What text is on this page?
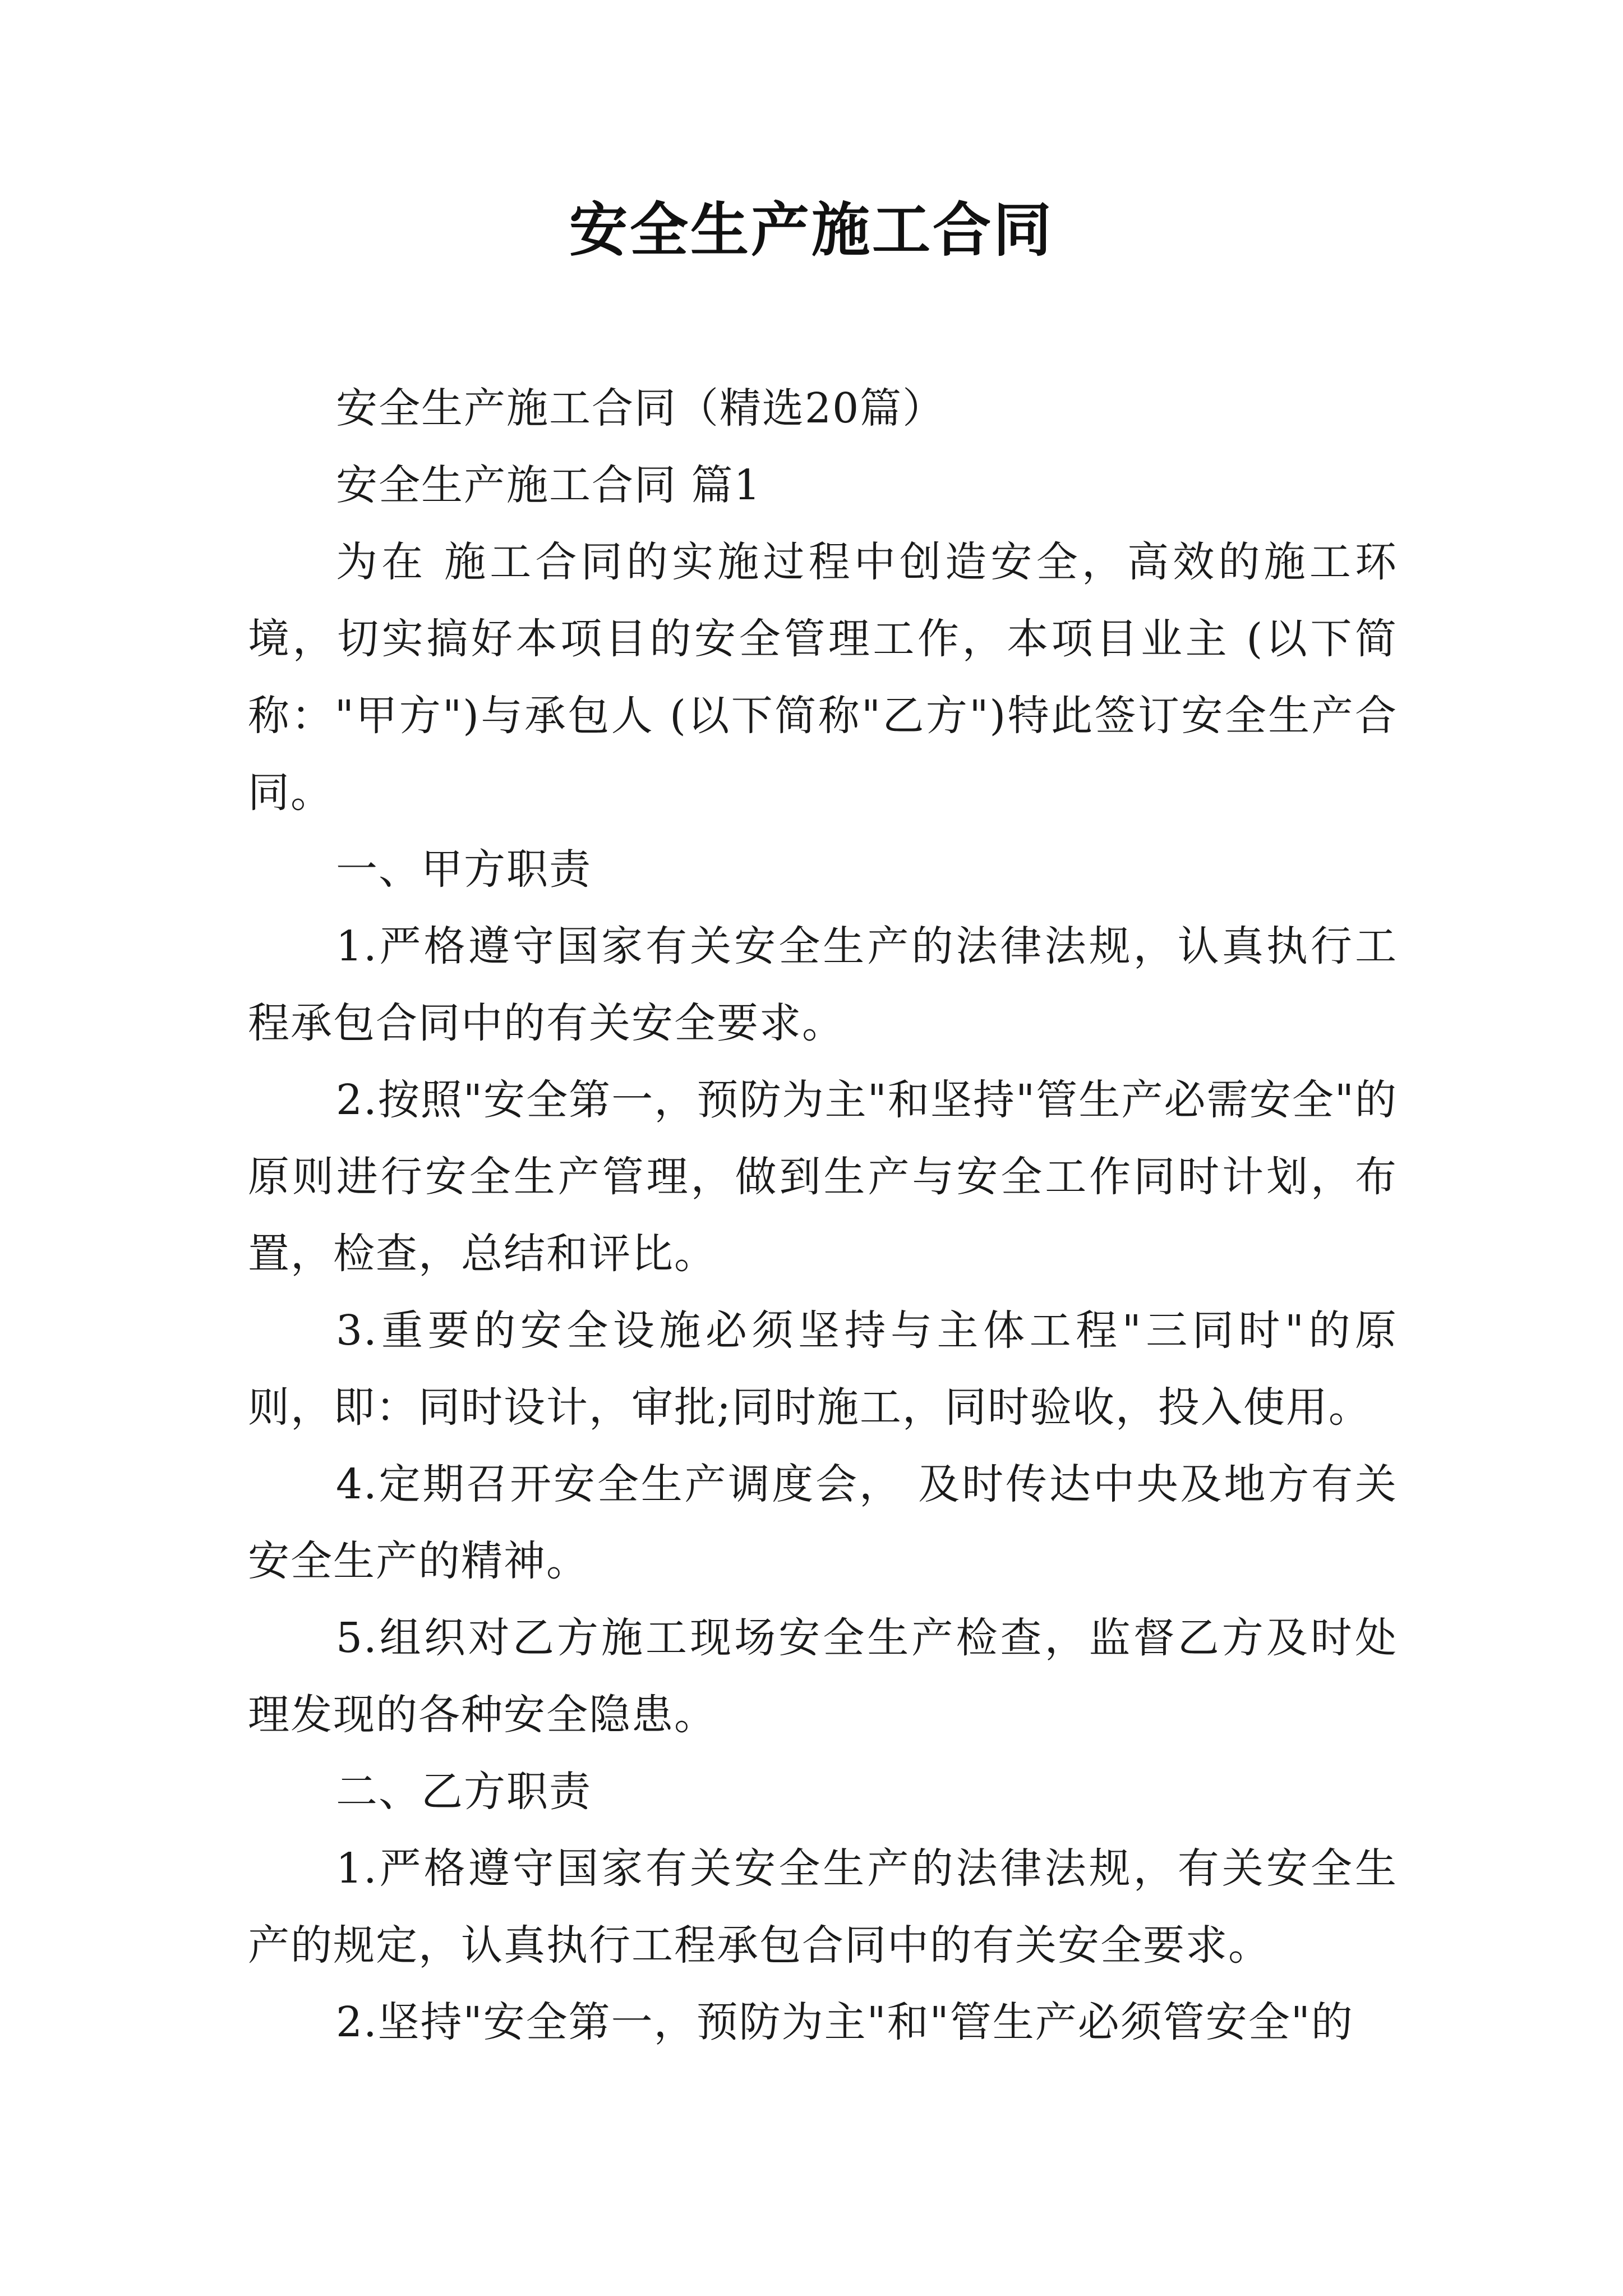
安全生产施工合同

安全生产施工合同（精选20篇）

安全生产施工合同 篇1

为在 施工合同的实施过程中创造安全，高效的施工环境，切实搞好本项目的安全管理工作，本项目业主 (以下简称："甲方")与承包人 (以下简称"乙方")特此签订安全生产合同。

一、甲方职责

1.严格遵守国家有关安全生产的法律法规，认真执行工程承包合同中的有关安全要求。

2.按照"安全第一，预防为主"和坚持"管生产必需安全"的原则进行安全生产管理，做到生产与安全工作同时计划，布置，检查，总结和评比。

3.重要的安全设施必须坚持与主体工程"三同时"的原则，即：同时设计，审批;同时施工，同时验收，投入使用。

4.定期召开安全生产调度会， 及时传达中央及地方有关安全生产的精神。

5.组织对乙方施工现场安全生产检查，监督乙方及时处理发现的各种安全隐患。

二、乙方职责

1.严格遵守国家有关安全生产的法律法规，有关安全生产的规定，认真执行工程承包合同中的有关安全要求。

2.坚持"安全第一，预防为主"和"管生产必须管安全"的
